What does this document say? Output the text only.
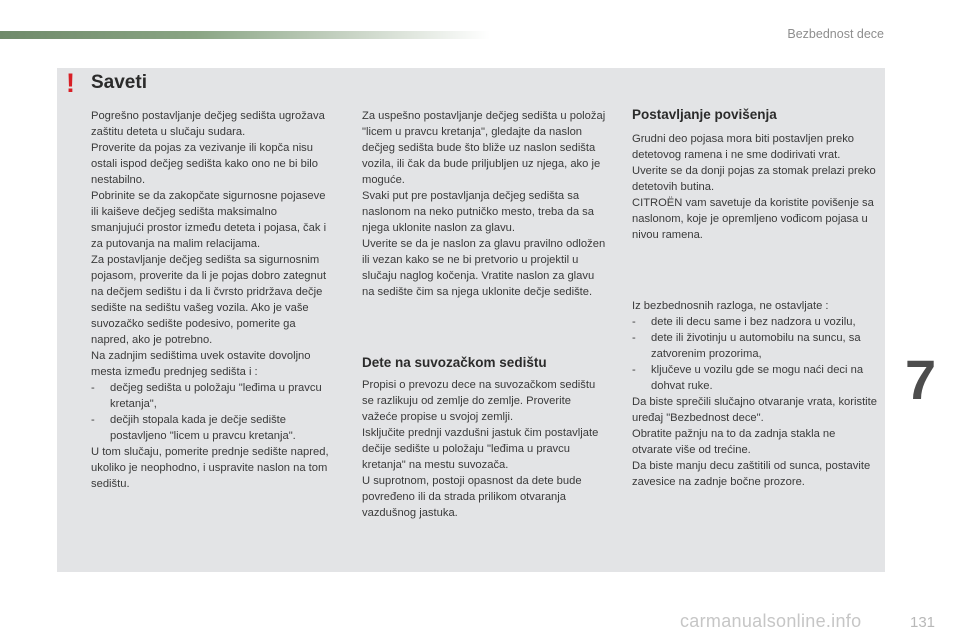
Bezbednost dece
! Saveti

Pogrešno postavljanje dečjeg sedišta ugrožava zaštitu deteta u slučaju sudara.

Proverite da pojas za vezivanje ili kopča nisu ostali ispod dečjeg sedišta kako ono ne bi bilo nestabilno.

Pobrinite se da zakopčate sigurnosne pojaseve ili kaiševe dečjeg sedišta maksimalno smanjujući prostor između deteta i pojasa, čak i za putovanja na malim relacijama.

Za postavljanje dečjeg sedišta sa sigurnosnim pojasom, proverite da li je pojas dobro zategnut na dečjem sedištu i da li čvrsto pridržava dečje sedište na sedištu vašeg vozila. Ako je vaše suvozačko sedište podesivo, pomerite ga napred, ako je potrebno.

Na zadnjim sedištima uvek ostavite dovoljno mesta između prednjeg sedišta i :

- dečjeg sedišta u položaju "leđima u pravcu kretanja",

- dečjih stopala kada je dečje sedište postavljeno "licem u pravcu kretanja".

U tom slučaju, pomerite prednje sedište napred, ukoliko je neophodno, i uspravite naslon na tom sedištu.

Za uspešno postavljanje dečjeg sedišta u položaj "licem u pravcu kretanja", gledajte da naslon dečjeg sedišta bude što bliže uz naslon sedišta vozila, ili čak da bude priljubljen uz njega, ako je moguće.

Svaki put pre postavljanja dečjeg sedištа sa naslonom na neko putničko mesto, treba da sa njega uklonite naslon za glavu.

Uverite se da je naslon za glavu pravilno odložen ili vezan kako se ne bi pretvorio u projektil u slučaju naglog kočenja. Vratite naslon za glavu na sedište čim sa njega uklonite dečje sedište.

Dete na suvozačkom sedištu

Propisi o prevozu dece na suvozačkom sedištu se razlikuju od zemlje do zemlje. Proverite važeće propise u svojoj zemlji.

Isključite prednji vazdušni jastuk čim postavljate dečije sedište u položaju "leđima u pravcu kretanja" na mestu suvozača.

U suprotnom, postoji opasnost da dete bude povređeno ili da strada prilikom otvaranja vazdušnog jastuka.

Postavljanje povišenja

Grudni deo pojasa mora biti postavljen preko detetovog ramena i ne sme dodirivati vrat.

Uverite se da donji pojas za stomak prelazi preko detetovih butina.

CITROËN vam savetuje da koristite povišenje sa naslonom, koje je opremljeno vođicom pojasa u nivou ramena.

Iz bezbednosnih razloga, ne ostavljate :

- dete ili decu same i bez nadzora u vozilu,

- dete ili životinju u automobilu na suncu, sa zatvorenim prozorima,

- ključeve u vozilu gde se mogu naći deci na dohvat ruke.

Da biste sprečili slučajno otvaranje vrata, koristite uređaj "Bezbednost dece".

Obratite pažnju na to da zadnja stakla ne otvarate više od trećine.

Da biste manju decu zaštitili od sunca, postavite zavesice na zadnje bočne prozore.

7
carmanualsonline.info	131
